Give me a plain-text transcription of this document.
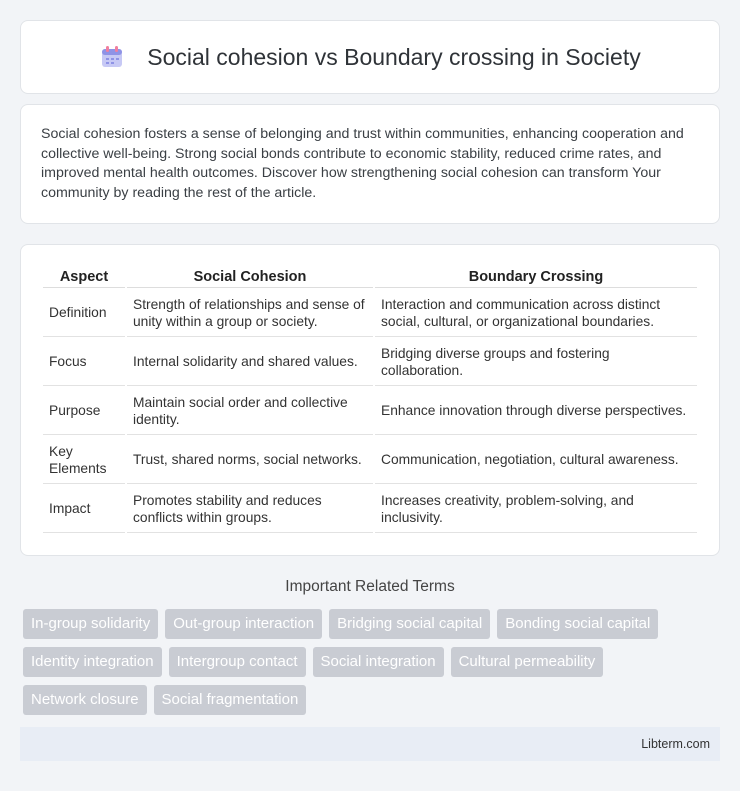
Social cohesion vs Boundary crossing in Society

Social cohesion fosters a sense of belonging and trust within communities, enhancing cooperation and collective well-being. Strong social bonds contribute to economic stability, reduced crime rates, and improved mental health outcomes. Discover how strengthening social cohesion can transform Your community by reading the rest of the article.

Aspect	Social Cohesion	Boundary Crossing
Definition	Strength of relationships and sense of unity within a group or society.	Interaction and communication across distinct social, cultural, or organizational boundaries.
Focus	Internal solidarity and shared values.	Bridging diverse groups and fostering collaboration.
Purpose	Maintain social order and collective identity.	Enhance innovation through diverse perspectives.
Key Elements	Trust, shared norms, social networks.	Communication, negotiation, cultural awareness.
Impact	Promotes stability and reduces conflicts within groups.	Increases creativity, problem-solving, and inclusivity.
Important Related Terms
In-group solidarity	Out-group interaction	Bridging social capital	Bonding social capital
Identity integration	Intergroup contact	Social integration	Cultural permeability
Network closure	Social fragmentation
Libterm.com
